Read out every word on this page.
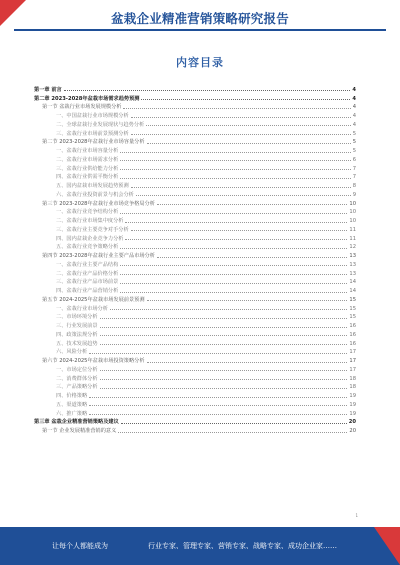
盆栽企业精准营销策略研究报告
内容目录
第一章 前言	4
第二章 2023-2028年盆栽市场需求趋势预测	4
第一节 盆栽行业市场发展规模分析	4
一、中国盆栽行业市场规模分析	4
二、全球盆栽行业发展现状与趋势分析	4
三、盆栽行业市场前景预测分析	5
第二节 2023-2028年盆栽行业市场容量分析	5
一、盆栽行业市场容量分析	5
二、盆栽行业市场需求分析	6
三、盆栽行业供给能力分析	7
四、盆栽行业供需平衡分析	7
五、国内盆栽市场发展趋势预测	8
六、盆栽行业投资前景与机会分析	9
第三节 2023-2028年盆栽行业市场竞争格局分析	10
一、盆栽行业竞争结构分析	10
二、盆栽行业市场集中度分析	10
三、盆栽行业主要竞争对手分析	11
四、国内盆栽企业竞争力分析	11
五、盆栽行业竞争策略分析	12
第四节 2023-2028年盆栽行业主要产品市场分析	13
一、盆栽行业主要产品结构	13
二、盆栽行业产品价格分析	13
三、盆栽行业产品市场前景	14
四、盆栽行业产品营销分析	14
第五节 2024-2025年盆栽市场发展前景预测	15
一、盆栽行业市场分析	15
二、市场环境分析	15
三、行业发展前景	16
四、政策法规分析	16
五、技术发展趋势	16
六、风险分析	17
第六节 2024-2025年盆栽市场投资策略分析	17
一、市场定位分析	17
二、消费群体分析	18
三、产品策略分析	18
四、价格策略	19
五、渠道策略	19
六、推广策略	19
第三章 盆栽企业精准营销策略及建议	20
第一节 企业发展精准营销的意义	20
1
让每个人都能成为	行业专家、管理专家、营销专家、战略专家、成功企业家……
